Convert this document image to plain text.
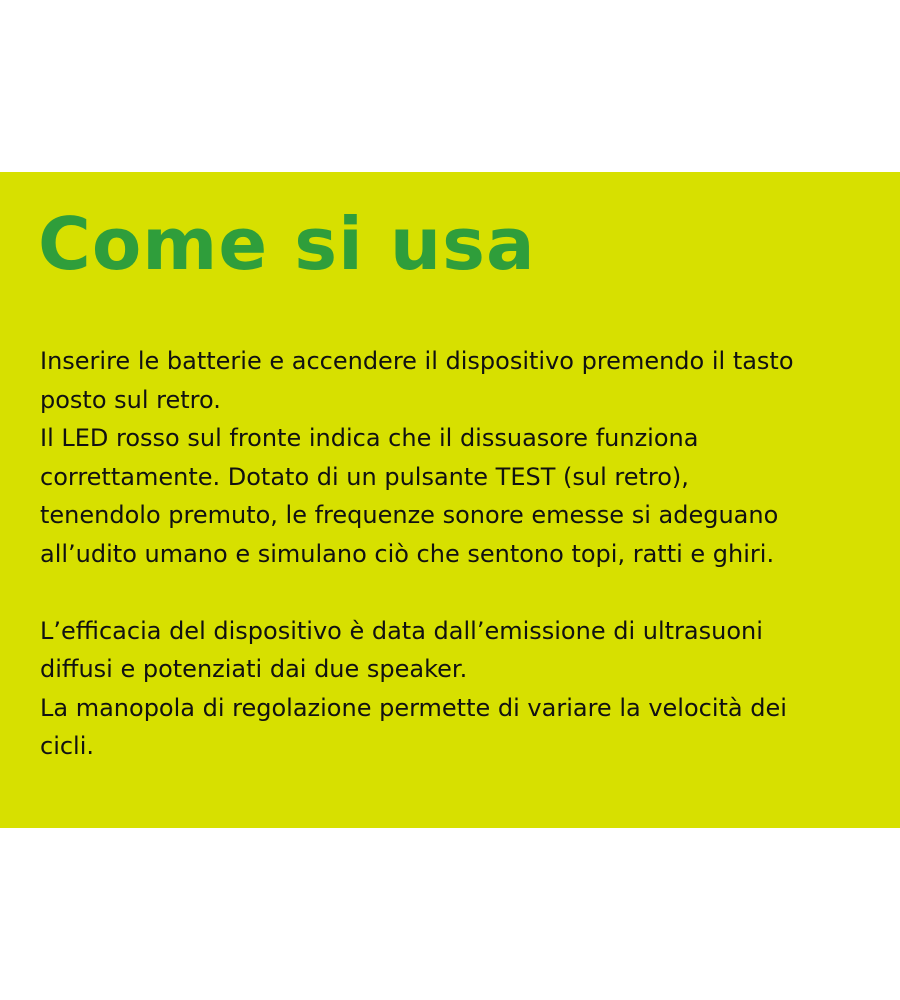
Come si usa

Inserire le batterie e accendere il dispositivo premendo il tasto
posto sul retro.
Il LED rosso sul fronte indica che il dissuasore funziona
correttamente. Dotato di un pulsante TEST (sul retro),
tenendolo premuto, le frequenze sonore emesse si adeguano
all’udito umano e simulano ciò che sentono topi, ratti e ghiri.

L’efficacia del dispositivo è data dall’emissione di ultrasuoni
diffusi e potenziati dai due speaker.
La manopola di regolazione permette di variare la velocità dei
cicli.
